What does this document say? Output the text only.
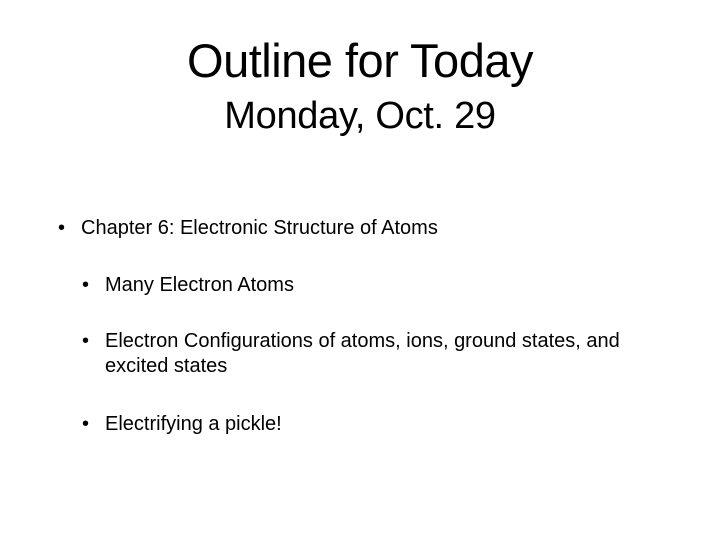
Outline for Today
Monday, Oct. 29
• Chapter 6: Electronic Structure of Atoms
• Many Electron Atoms
• Electron Configurations of atoms, ions, ground states, and excited states
• Electrifying a pickle!
